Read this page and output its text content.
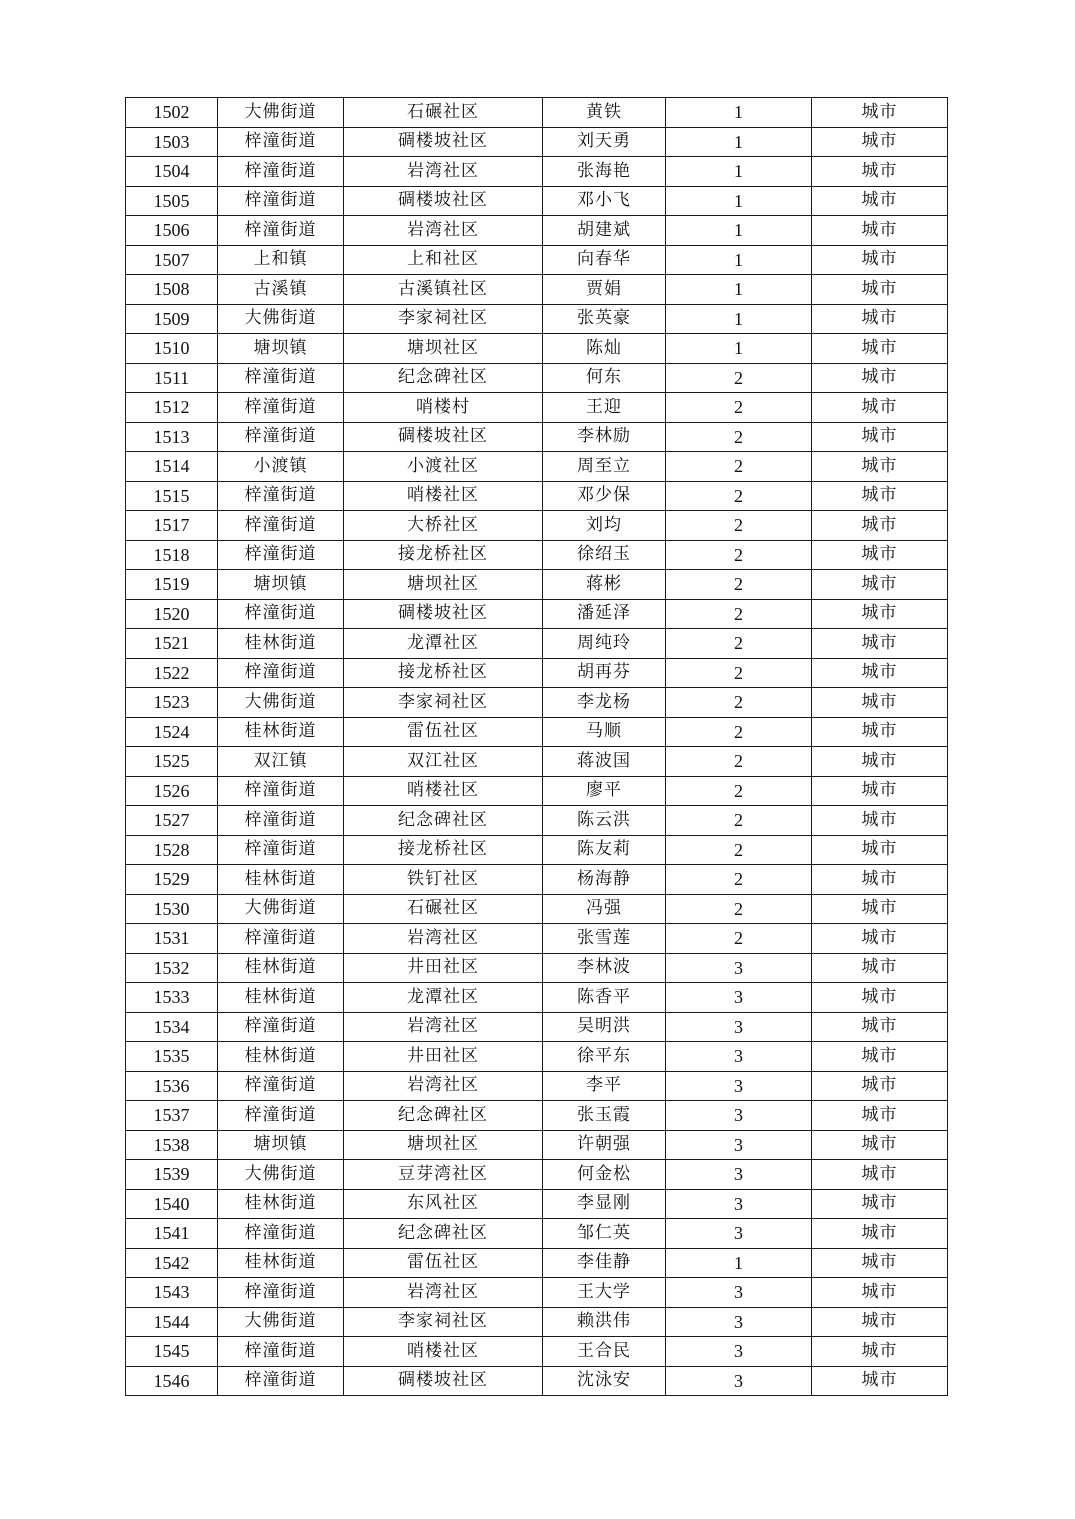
1502	大佛街道	石碾社区	黄铁	1	城市
1503	梓潼街道	碉楼坡社区	刘天勇	1	城市
1504	梓潼街道	岩湾社区	张海艳	1	城市
1505	梓潼街道	碉楼坡社区	邓小飞	1	城市
1506	梓潼街道	岩湾社区	胡建斌	1	城市
1507	上和镇	上和社区	向春华	1	城市
1508	古溪镇	古溪镇社区	贾娟	1	城市
1509	大佛街道	李家祠社区	张英豪	1	城市
1510	塘坝镇	塘坝社区	陈灿	1	城市
1511	梓潼街道	纪念碑社区	何东	2	城市
1512	梓潼街道	哨楼村	王迎	2	城市
1513	梓潼街道	碉楼坡社区	李林励	2	城市
1514	小渡镇	小渡社区	周至立	2	城市
1515	梓潼街道	哨楼社区	邓少保	2	城市
1517	梓潼街道	大桥社区	刘均	2	城市
1518	梓潼街道	接龙桥社区	徐绍玉	2	城市
1519	塘坝镇	塘坝社区	蒋彬	2	城市
1520	梓潼街道	碉楼坡社区	潘延泽	2	城市
1521	桂林街道	龙潭社区	周纯玲	2	城市
1522	梓潼街道	接龙桥社区	胡再芬	2	城市
1523	大佛街道	李家祠社区	李龙杨	2	城市
1524	桂林街道	雷伍社区	马顺	2	城市
1525	双江镇	双江社区	蒋波国	2	城市
1526	梓潼街道	哨楼社区	廖平	2	城市
1527	梓潼街道	纪念碑社区	陈云洪	2	城市
1528	梓潼街道	接龙桥社区	陈友莉	2	城市
1529	桂林街道	铁钉社区	杨海静	2	城市
1530	大佛街道	石碾社区	冯强	2	城市
1531	梓潼街道	岩湾社区	张雪莲	2	城市
1532	桂林街道	井田社区	李林波	3	城市
1533	桂林街道	龙潭社区	陈香平	3	城市
1534	梓潼街道	岩湾社区	吴明洪	3	城市
1535	桂林街道	井田社区	徐平东	3	城市
1536	梓潼街道	岩湾社区	李平	3	城市
1537	梓潼街道	纪念碑社区	张玉霞	3	城市
1538	塘坝镇	塘坝社区	许朝强	3	城市
1539	大佛街道	豆芽湾社区	何金松	3	城市
1540	桂林街道	东风社区	李显刚	3	城市
1541	梓潼街道	纪念碑社区	邹仁英	3	城市
1542	桂林街道	雷伍社区	李佳静	1	城市
1543	梓潼街道	岩湾社区	王大学	3	城市
1544	大佛街道	李家祠社区	赖洪伟	3	城市
1545	梓潼街道	哨楼社区	王合民	3	城市
1546	梓潼街道	碉楼坡社区	沈泳安	3	城市
